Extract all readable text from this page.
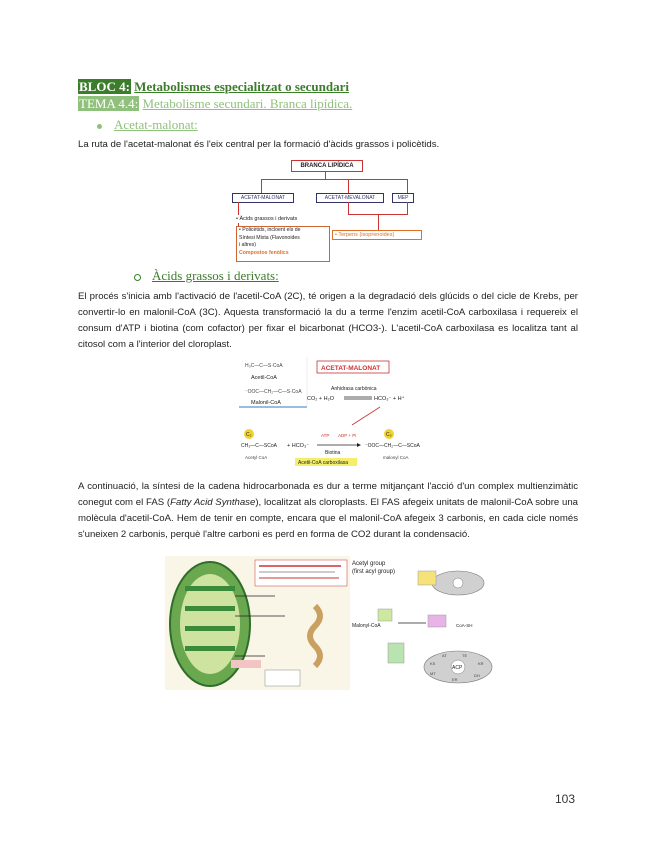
BLOC 4: Metabolismes especialitzat o secundari
TEMA 4.4: Metabolisme secundari. Branca lipídica.
Acetat-malonat:
La ruta de l'acetat-malonat és l'eix central per la formació d'àcids grassos i policètids.
BRANCA LIPÍDICA
ACETAT-MALONAT	ACETAT-MEVALONAT	MEP
• Àcids grassos i derivats
• Policètids, incloent els de
Síntesi Mixta (Flavonoides
i altres)
Compostos fenòlics
• Terpens (isoprenoides)
Àcids grassos i derivats:
El procés s'inicia amb l'activació de l'acetil-CoA (2C), té origen a la degradació dels glúcids o del cicle de Krebs, per convertir-lo en malonil-CoA (3C). Aquesta transformació la du a terme l'enzim acetil-CoA carboxilasa i requereix el consum d'ATP i biotina (com cofactor) per fixar el bicarbonat (HCO3-). L'acetil-CoA carboxilasa es localitza tant al citosol com a l'interior del cloroplast.
H₃C—C—S·CoA
Acetil-CoA
⁻OOC—CH₂—C—S·CoA
Malonil-CoA
ACETAT-MALONAT
Anhidrasa carbònica
CO₂ + H₂O	HCO₃⁻ + H⁺
C₂	C₃
CH₃—C—SCoA + HCO₃⁻
ATP ADP + Pi
Biotina
⁻OOC—CH₂—C—SCoA
Acetyl CoA	malonyl CoA
Acetil-CoA carboxilasa
A continuació, la síntesi de la cadena hidrocarbonada es dur a terme mitjançant l'acció d'un complex multienzimàtic conegut com el FAS (Fatty Acid Synthase), localitzat als cloroplasts. El FAS afegeix unitats de malonil-CoA sobre una molècula d'acetil-CoA. Hem de tenir en compte, encara que el malonil-CoA afegeix 3 carbonis, en cada cicle només s'uneixen 2 carbonis, perquè l'altre carboni es perd en forma de CO2 durant la condensació.
Acetyl group
(first acyl group)
Malonyl-CoA	CoA-SH
ACP
KS
MT
KR
DH
ER
AT	TE
103
